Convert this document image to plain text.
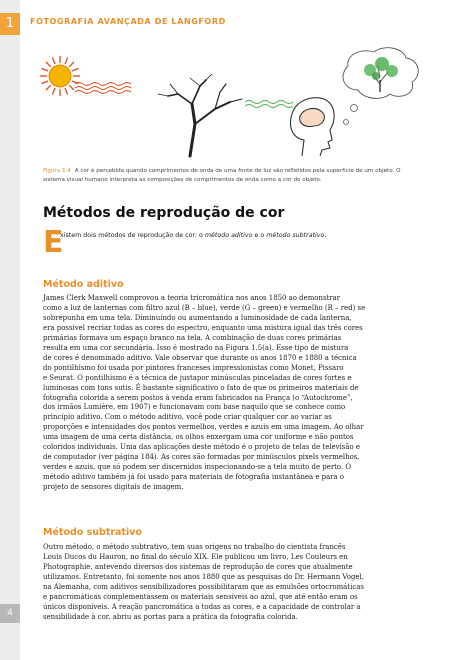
1	FOTOGRAFIA AVANÇADA DE LANGFORD
Figura 1.4 A cor é percebida quando comprimentos de onda de uma fonte de luz são refletidos pela superfície de um objeto. O
sistema visual humano interpreta as composições de comprimentos de onda como a cor do objeto.
Métodos de reprodução de cor
E
xistem dois métodos de reprodução de cor: o método aditivo e o método subtrativo.
Método aditivo
James Clerk Maxwell comprovou a teoria tricromática nos anos 1850 ao demonstrar
como a luz de lanternas com filtro azul (B – blue), verde (G – green) e vermelho (R – red) se
sobrepunha em uma tela. Diminuindo ou aumentando a luminosidade de cada lanterna,
era possível recriar todas as cores do espectro, enquanto uma mistura igual das três cores
primárias formava um espaço branco na tela. A combinação de duas cores primárias
resulta em uma cor secundária. Isso é mostrado na Figura 1.5(a). Esse tipo de mistura
de cores é denominado aditivo. Vale observar que durante os anos 1870 e 1880 a técnica
do pontilhismo foi usada por pintores franceses impressionistas como Monet, Pissaro
e Seurat. O pontilhismo é a técnica de justapor minúsculas pinceladas de cores fortes e
luminosas com tons sutis. É bastante significativo o fato de que os primeiros materiais de
fotografia colorida a serem postos à venda eram fabricados na França (o “Autochrome”,
dos irmãos Lumière, em 1907) e funcionavam com base naquilo que se conhece como
princípio aditivo. Com o método aditivo, você pode criar qualquer cor ao variar as
proporções e intensidades dos pontos vermelhos, verdes e azuis em uma imagem. Ao olhar
uma imagem de uma certa distância, os olhos enxergam uma cor uniforme e não pontos
coloridos individuais. Uma das aplicações deste método é o projeto de telas de televisão e
de computador (ver página 184). As cores são formadas por minúsculos pixels vermelhos,
verdes e azuis, que só podem ser discernidos inspecionando-se a tela muito de perto. O
método aditivo também já foi usado para materiais de fotografia instantânea e para o
projeto de sensores digitais de imagem.
Método subtrativo
Outro método, o método subtrativo, tem suas origens no trabalho do cientista francês
Louis Ducos du Hauron, no final do século XIX. Ele publicou um livro, Les Couleurs en
Photographie, antevendo diversos dos sistemas de reprodução de cores que atualmente
utilizamos. Entretanto, foi somente nos anos 1880 que as pesquisas do Dr. Hermann Vogel,
na Alemanha, com aditivos sensibilizadores possibilitaram que as emulsões ortocromáticas
e pancromáticas complementassem os materiais sensíveis ao azul, que até então eram os
únicos disponíveis. A reação pancromática a todas as cores, e a capacidade de controlar a
sensibilidade à cor, abriu as portas para a prática da fotografia colorida.
4
